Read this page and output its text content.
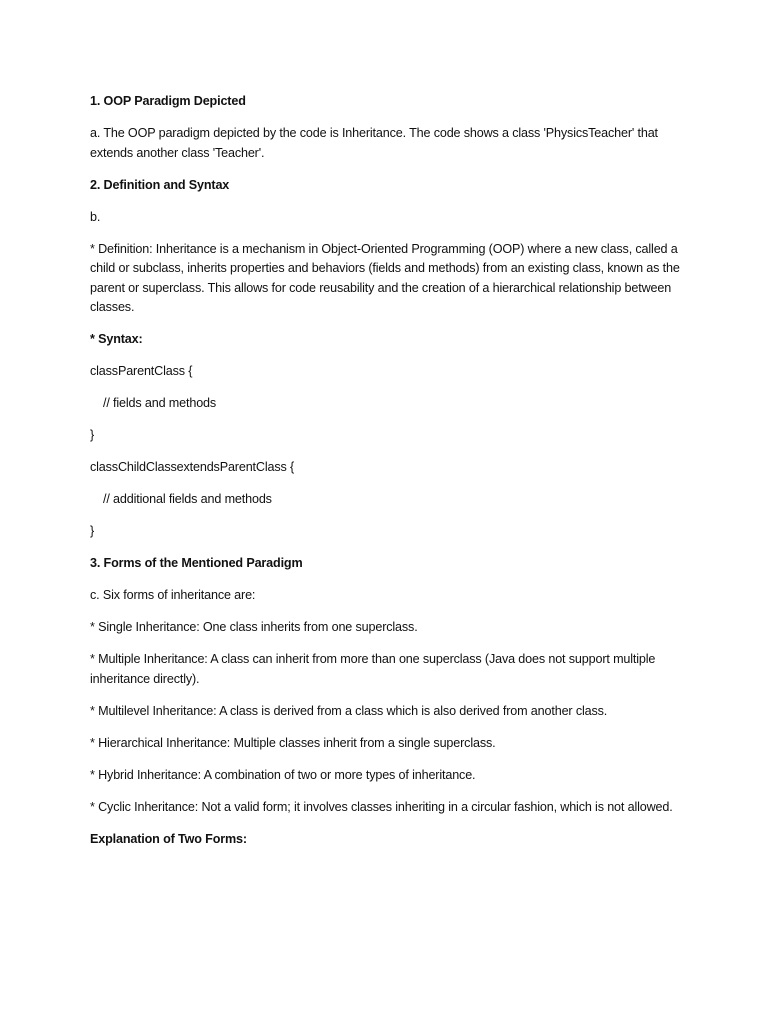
1. OOP Paradigm Depicted

a. The OOP paradigm depicted by the code is Inheritance. The code shows a class 'PhysicsTeacher' that extends another class 'Teacher'.

2. Definition and Syntax

b.

* Definition: Inheritance is a mechanism in Object-Oriented Programming (OOP) where a new class, called a child or subclass, inherits properties and behaviors (fields and methods) from an existing class, known as the parent or superclass. This allows for code reusability and the creation of a hierarchical relationship between classes.

* Syntax:

classParentClass {

// fields and methods

}

classChildClassextendsParentClass {

// additional fields and methods

}

3. Forms of the Mentioned Paradigm

c. Six forms of inheritance are:

* Single Inheritance: One class inherits from one superclass.

* Multiple Inheritance: A class can inherit from more than one superclass (Java does not support multiple inheritance directly).

* Multilevel Inheritance: A class is derived from a class which is also derived from another class.

* Hierarchical Inheritance: Multiple classes inherit from a single superclass.

* Hybrid Inheritance: A combination of two or more types of inheritance.

* Cyclic Inheritance: Not a valid form; it involves classes inheriting in a circular fashion, which is not allowed.

Explanation of Two Forms:
